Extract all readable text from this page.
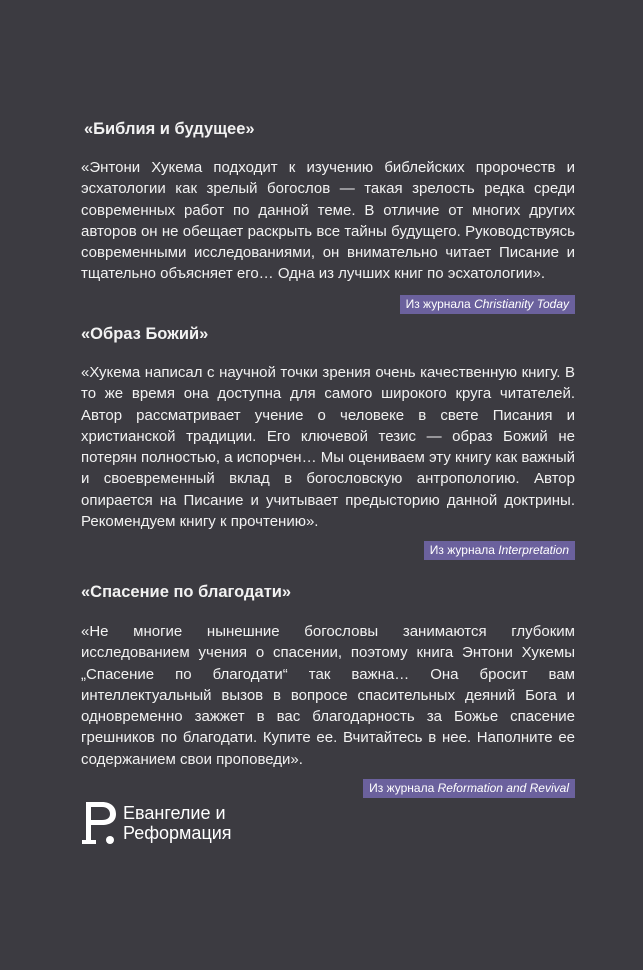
«Библия и будущее»

«Энтони Хукема подходит к изучению библейских пророчеств и эсхатологии как зрелый богослов — такая зрелость редка среди современных работ по данной теме. В отличие от многих других авторов он не обещает раскрыть все тайны будущего. Руководствуясь современными исследованиями, он внимательно читает Писание и тщательно объясняет его… Одна из лучших книг по эсхатологии».

Из журнала Christianity Today
«Образ Божий»

«Хукема написал с научной точки зрения очень качественную книгу. В то же время она доступна для самого широкого круга читателей. Автор рассматривает учение о человеке в свете Писания и христианской традиции. Его ключевой тезис — образ Божий не потерян полностью, а испорчен… Мы оцениваем эту книгу как важный и своевременный вклад в богословскую антропологию. Автор опирается на Писание и учитывает предысторию данной доктрины. Рекомендуем книгу к прочтению».

Из журнала Interpretation
«Спасение по благодати»

«Не многие нынешние богословы занимаются глубоким исследованием учения о спасении, поэтому книга Энтони Хукемы „Спасение по благодати“ так важна… Она бросит вам интеллектуальный вызов в вопросе спасительных деяний Бога и одновременно зажжет в вас благодарность за Божье спасение грешников по благодати. Купите ее. Вчитайтесь в нее. Наполните ее содержанием свои проповеди».

Из журнала Reformation and Revival
Евангелие и
Реформация
